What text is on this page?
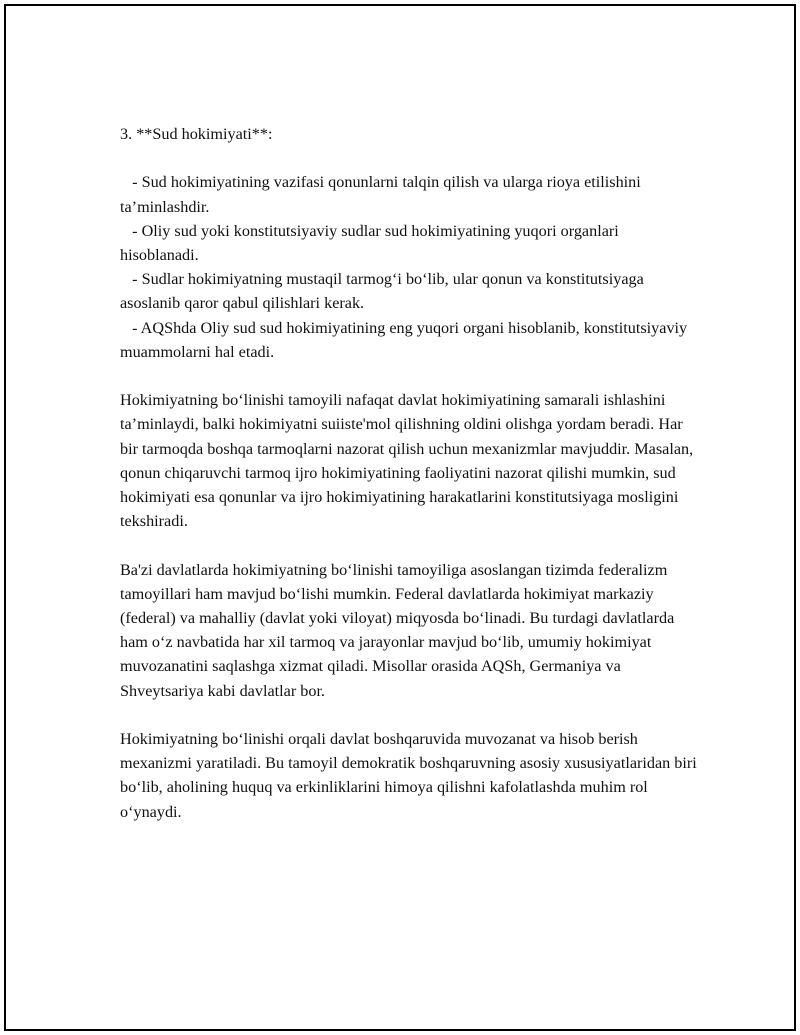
3. **Sud hokimiyati**:

- Sud hokimiyatining vazifasi qonunlarni talqin qilish va ularga rioya etilishini ta’minlashdir.
- Oliy sud yoki konstitutsiyaviy sudlar sud hokimiyatining yuqori organlari hisoblanadi.
- Sudlar hokimiyatning mustaqil tarmog‘i bo‘lib, ular qonun va konstitutsiyaga asoslanib qaror qabul qilishlari kerak.
- AQShda Oliy sud sud hokimiyatining eng yuqori organi hisoblanib, konstitutsiyaviy muammolarni hal etadi.

Hokimiyatning bo‘linishi tamoyili nafaqat davlat hokimiyatining samarali ishlashini ta’minlaydi, balki hokimiyatni suiiste'mol qilishning oldini olishga yordam beradi. Har bir tarmoqda boshqa tarmoqlarni nazorat qilish uchun mexanizmlar mavjuddir. Masalan, qonun chiqaruvchi tarmoq ijro hokimiyatining faoliyatini nazorat qilishi mumkin, sud hokimiyati esa qonunlar va ijro hokimiyatining harakatlarini konstitutsiyaga mosligini tekshiradi.

Ba'zi davlatlarda hokimiyatning bo‘linishi tamoyiliga asoslangan tizimda federalizm tamoyillari ham mavjud bo‘lishi mumkin. Federal davlatlarda hokimiyat markaziy (federal) va mahalliy (davlat yoki viloyat) miqyosda bo‘linadi. Bu turdagi davlatlarda ham o‘z navbatida har xil tarmoq va jarayonlar mavjud bo‘lib, umumiy hokimiyat muvozanatini saqlashga xizmat qiladi. Misollar orasida AQSh, Germaniya va Shveytsariya kabi davlatlar bor.

Hokimiyatning bo‘linishi orqali davlat boshqaruvida muvozanat va hisob berish mexanizmi yaratiladi. Bu tamoyil demokratik boshqaruvning asosiy xususiyatlaridan biri bo‘lib, aholining huquq va erkinliklarini himoya qilishni kafolatlashda muhim rol o‘ynaydi.
